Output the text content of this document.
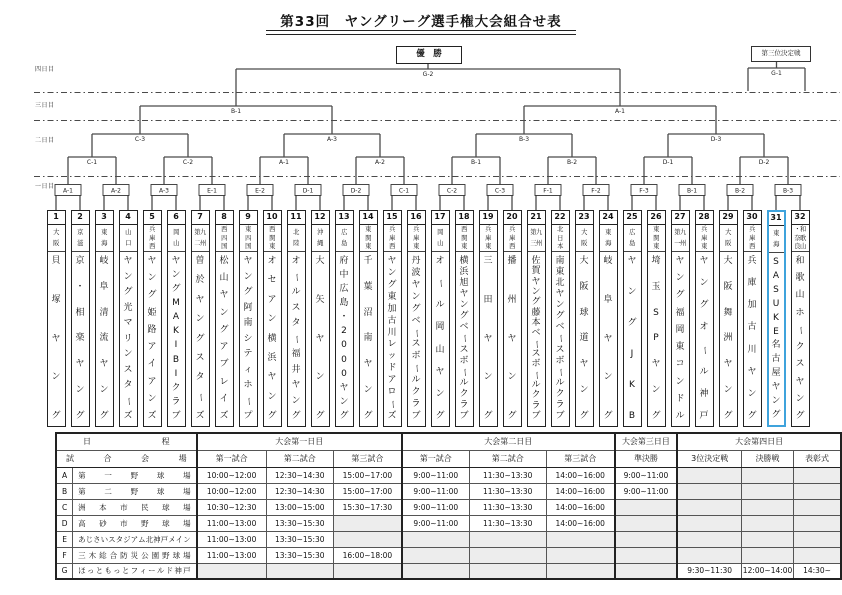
第33回　ヤングリーグ選手権大会組合せ表
A-1	A-2	A-3	E-1	E-2	D-1	D-2	C-1	C-2	C-3	F-1	F-2	F-3	B-1	B-2	B-3
C-1	C-2	A-1	A-2	B-1	B-2	D-1	D-2
C-3	A-3	B-3	D-3
B-1	A-1
G-2	G-1
優　勝	第三位決定戦
四日目
三日目
二日目
一日目
1
大
阪
貝
塚
ヤ
ン
グ
2
京
滋
京
・
相
楽
ヤ
ン
グ
3
東
海
岐
阜
清
流
ヤ
ン
グ
4
山
口
ヤ
ン
グ
光
マ
リ
ン
ス
タ
ー
ズ
5
兵
庫
西
ヤ
ン
グ
姫
路
ア
イ
ア
ン
ズ
6
岡
山
ヤ
ン
グ
M
A
K
I
B
I
ク
ラ
ブ
7
第九
二州
曽
於
ヤ
ン
グ
ス
タ
ー
ズ
8
西
四
国
松
山
ヤ
ン
グ
ア
ブ
レ
イ
ズ
9
東
四
国
ヤ
ン
グ
阿
南
シ
テ
ィ
ホ
ー
プ
10
西
関
東
オ
セ
ア
ン
横
浜
ヤ
ン
グ
11
北
陸
オ
ー
ル
ス
タ
ー
福
井
ヤ
ン
グ
12
沖
縄
大
矢
ヤ
ン
グ
13
広
島
府
中
広
島
・
2
0
0
0
ヤ
ン
グ
14
東
関
東
千
葉
沼
南
ヤ
ン
グ
15
兵
庫
西
ヤ
ン
グ
東
加
古
川
レ
ッ
ド
ア
ロ
ー
ズ
16
兵
庫
東
丹
波
ヤ
ン
グ
ベ
ー
ス
ボ
ー
ル
ク
ラ
ブ
17
岡
山
オ
ー
ル
岡
山
ヤ
ン
グ
18
西
関
東
横
浜
旭
ヤ
ン
グ
ベ
ー
ス
ボ
ー
ル
ク
ラ
ブ
19
兵
庫
東
三
田
ヤ
ン
グ
20
兵
庫
西
播
州
ヤ
ン
グ
21
第九
三州
佐
賀
ヤ
ン
グ
藤
本
ベ
ー
ス
ボ
ー
ル
ク
ラ
ブ
22
北
日
本
南
東
北
ヤ
ン
グ
ベ
ー
ス
ボ
ー
ル
ク
ラ
ブ
23
大
阪
大
阪
球
道
ヤ
ン
グ
24
東
海
岐
阜
ヤ
ン
グ
25
広
島
ヤ
ン
グ
J
K
B
26
東
関
東
埼
玉
S
P
ヤ
ン
グ
27
第九
一州
ヤ
ン
グ
福
岡
東
コ
ン
ド
ル
28
兵
庫
東
ヤ
ン
グ
オ
ー
ル
神
戸
29
大
阪
大
阪
舞
洲
ヤ
ン
グ
30
兵
庫
西
兵
庫
加
古
川
ヤ
ン
グ
31
東
海
S
A
S
U
K
E
名
古
屋
ヤ
ン
グ
32
・和
奈歌
良山
和
歌
山
ホ
ー
ク
ス
ヤ
ン
グ
日 程		大会第一日目			大会第二日目			大会第三日目	大会第四日目		

試 合 会 場		第一試合	第二試合	第三試合	第一試合	第二試合	第三試合	準決勝	3位決定戦	決勝戦	表彰式
A	第 一 野 球 場	10:00~12:00	12:30~14:30	15:00~17:00	9:00~11:00	11:30~13:30	14:00~16:00	9:00~11:00			
B	第 二 野 球 場	10:00~12:00	12:30~14:30	15:00~17:00	9:00~11:00	11:30~13:30	14:00~16:00	9:00~11:00			
C	洲 本 市 民 球 場	10:30~12:30	13:00~15:00	15:30~17:30	9:00~11:00	11:30~13:30	14:00~16:00				
D	高 砂 市 野 球 場	11:00~13:00	13:30~15:30		9:00~11:00	11:30~13:30	14:00~16:00				
E	あ じ さ い ス タ ジ ア ム 北 神 戸 メ イ ン	11:00~13:00	13:30~15:30								
F	三 木 総 合 防 災 公 園 野 球 場	11:00~13:00	13:30~15:30	16:00~18:00							
G	ほ っ と も っ と フ ィ ー ル ド 神 戸								9:30~11:30	12:00~14:00	14:30~
